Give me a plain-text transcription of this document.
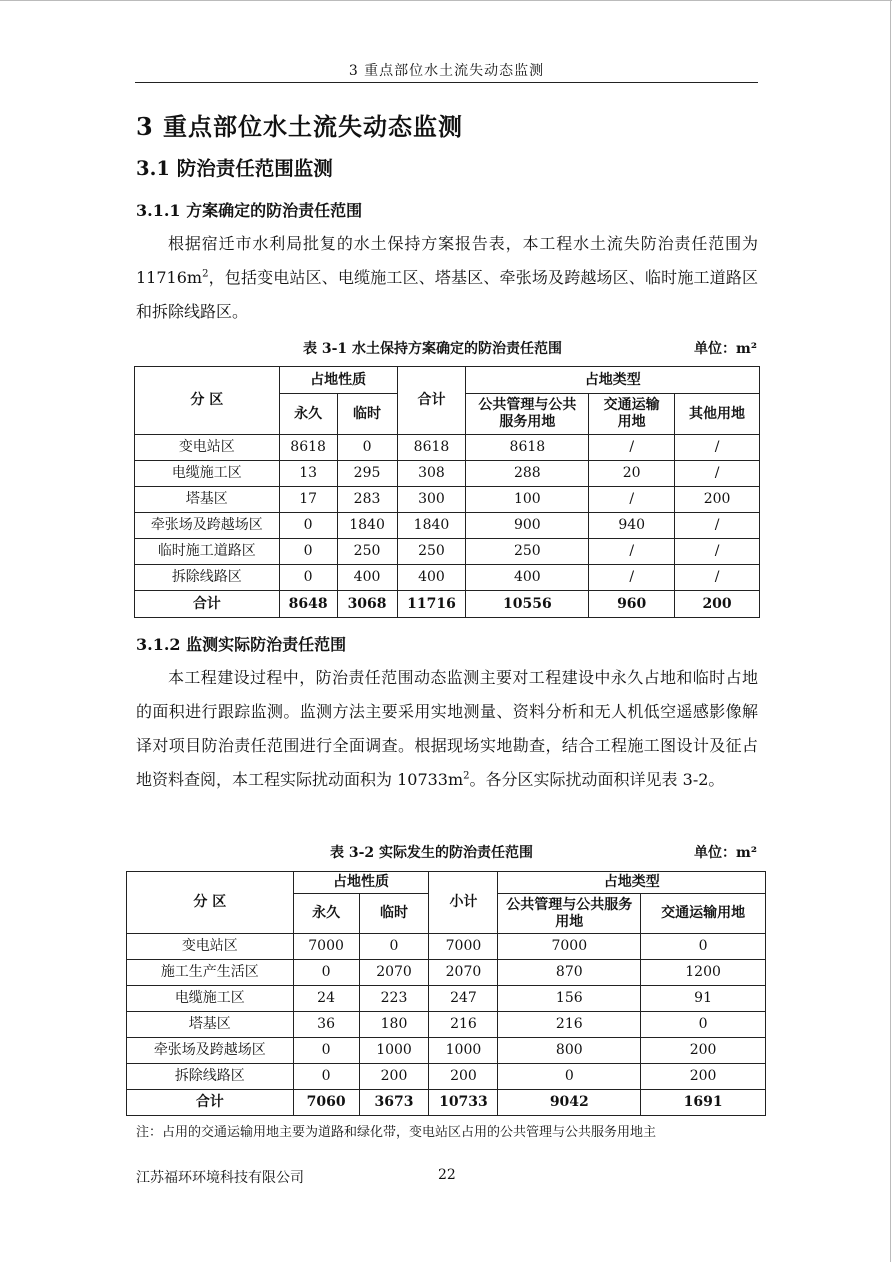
3 重点部位水土流失动态监测
3 重点部位水土流失动态监测
3.1 防治责任范围监测
3.1.1 方案确定的防治责任范围
根据宿迁市水利局批复的水土保持方案报告表，本工程水土流失防治责任范围为 $11716m^2$，包括变电站区、电缆施工区、塔基区、牵张场及跨越场区、临时施工道路区和拆除线路区。
表 3-1 水土保持方案确定的防治责任范围	单位：m²
分 区	占地性质		合计	占地类型		
	永久	临时		公共管理与公共服务用地	交通运输用地	其他用地
变电站区	8618	0	8618	8618	/	/
电缆施工区	13	295	308	288	20	/
塔基区	17	283	300	100	/	200
牵张场及跨越场区	0	1840	1840	900	940	/
临时施工道路区	0	250	250	250	/	/
拆除线路区	0	400	400	400	/	/
合计	8648	3068	11716	10556	960	200
3.1.2 监测实际防治责任范围
本工程建设过程中，防治责任范围动态监测主要对工程建设中永久占地和临时占地的面积进行跟踪监测。监测方法主要采用实地测量、资料分析和无人机低空遥感影像解译对项目防治责任范围进行全面调查。根据现场实地勘查，结合工程施工图设计及征占地资料查阅，本工程实际扰动面积为 $10733m^2$。各分区实际扰动面积详见表 3-2。
表 3-2 实际发生的防治责任范围	单位：m²
分 区	占地性质		小计	占地类型	
	永久	临时		公共管理与公共服务用地	交通运输用地
变电站区	7000	0	7000	7000	0
施工生产生活区	0	2070	2070	870	1200
电缆施工区	24	223	247	156	91
塔基区	36	180	216	216	0
牵张场及跨越场区	0	1000	1000	800	200
拆除线路区	0	200	200	0	200
合计	7060	3673	10733	9042	1691
注：占用的交通运输用地主要为道路和绿化带，变电站区占用的公共管理与公共服务用地主
江苏福环环境科技有限公司	22
